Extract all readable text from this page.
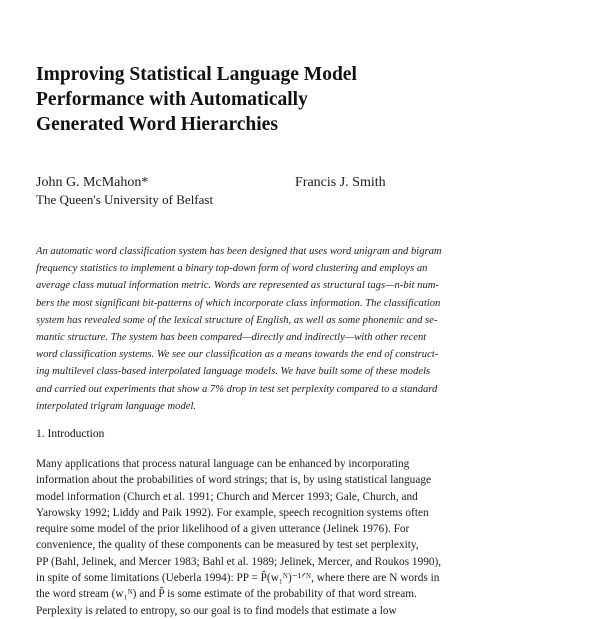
Improving Statistical Language Model
Performance with Automatically
Generated Word Hierarchies
John G. McMahon*
The Queen's University of Belfast
Francis J. Smith
An automatic word classification system has been designed that uses word unigram and bigram
frequency statistics to implement a binary top-down form of word clustering and employs an
average class mutual information metric. Words are represented as structural tags—n-bit num-
bers the most significant bit-patterns of which incorporate class information. The classification
system has revealed some of the lexical structure of English, as well as some phonemic and se-
mantic structure. The system has been compared—directly and indirectly—with other recent
word classification systems. We see our classification as a means towards the end of construct-
ing multilevel class-based interpolated language models. We have built some of these models
and carried out experiments that show a 7% drop in test set perplexity compared to a standard
interpolated trigram language model.
1. Introduction
Many applications that process natural language can be enhanced by incorporating
information about the probabilities of word strings; that is, by using statistical language
model information (Church et al. 1991; Church and Mercer 1993; Gale, Church, and
Yarowsky 1992; Liddy and Paik 1992). For example, speech recognition systems often
require some model of the prior likelihood of a given utterance (Jelinek 1976). For
convenience, the quality of these components can be measured by test set perplexity,
PP (Bahl, Jelinek, and Mercer 1983; Bahl et al. 1989; Jelinek, Mercer, and Roukos 1990),
in spite of some limitations (Ueberla 1994): PP = P̂(w₁ᴺ)⁻¹ᐟᴺ, where there are N words in
the word stream (w₁ᴺ) and P̂ is some estimate of the probability of that word stream.
Perplexity is related to entropy, so our goal is to find models that estimate a low
